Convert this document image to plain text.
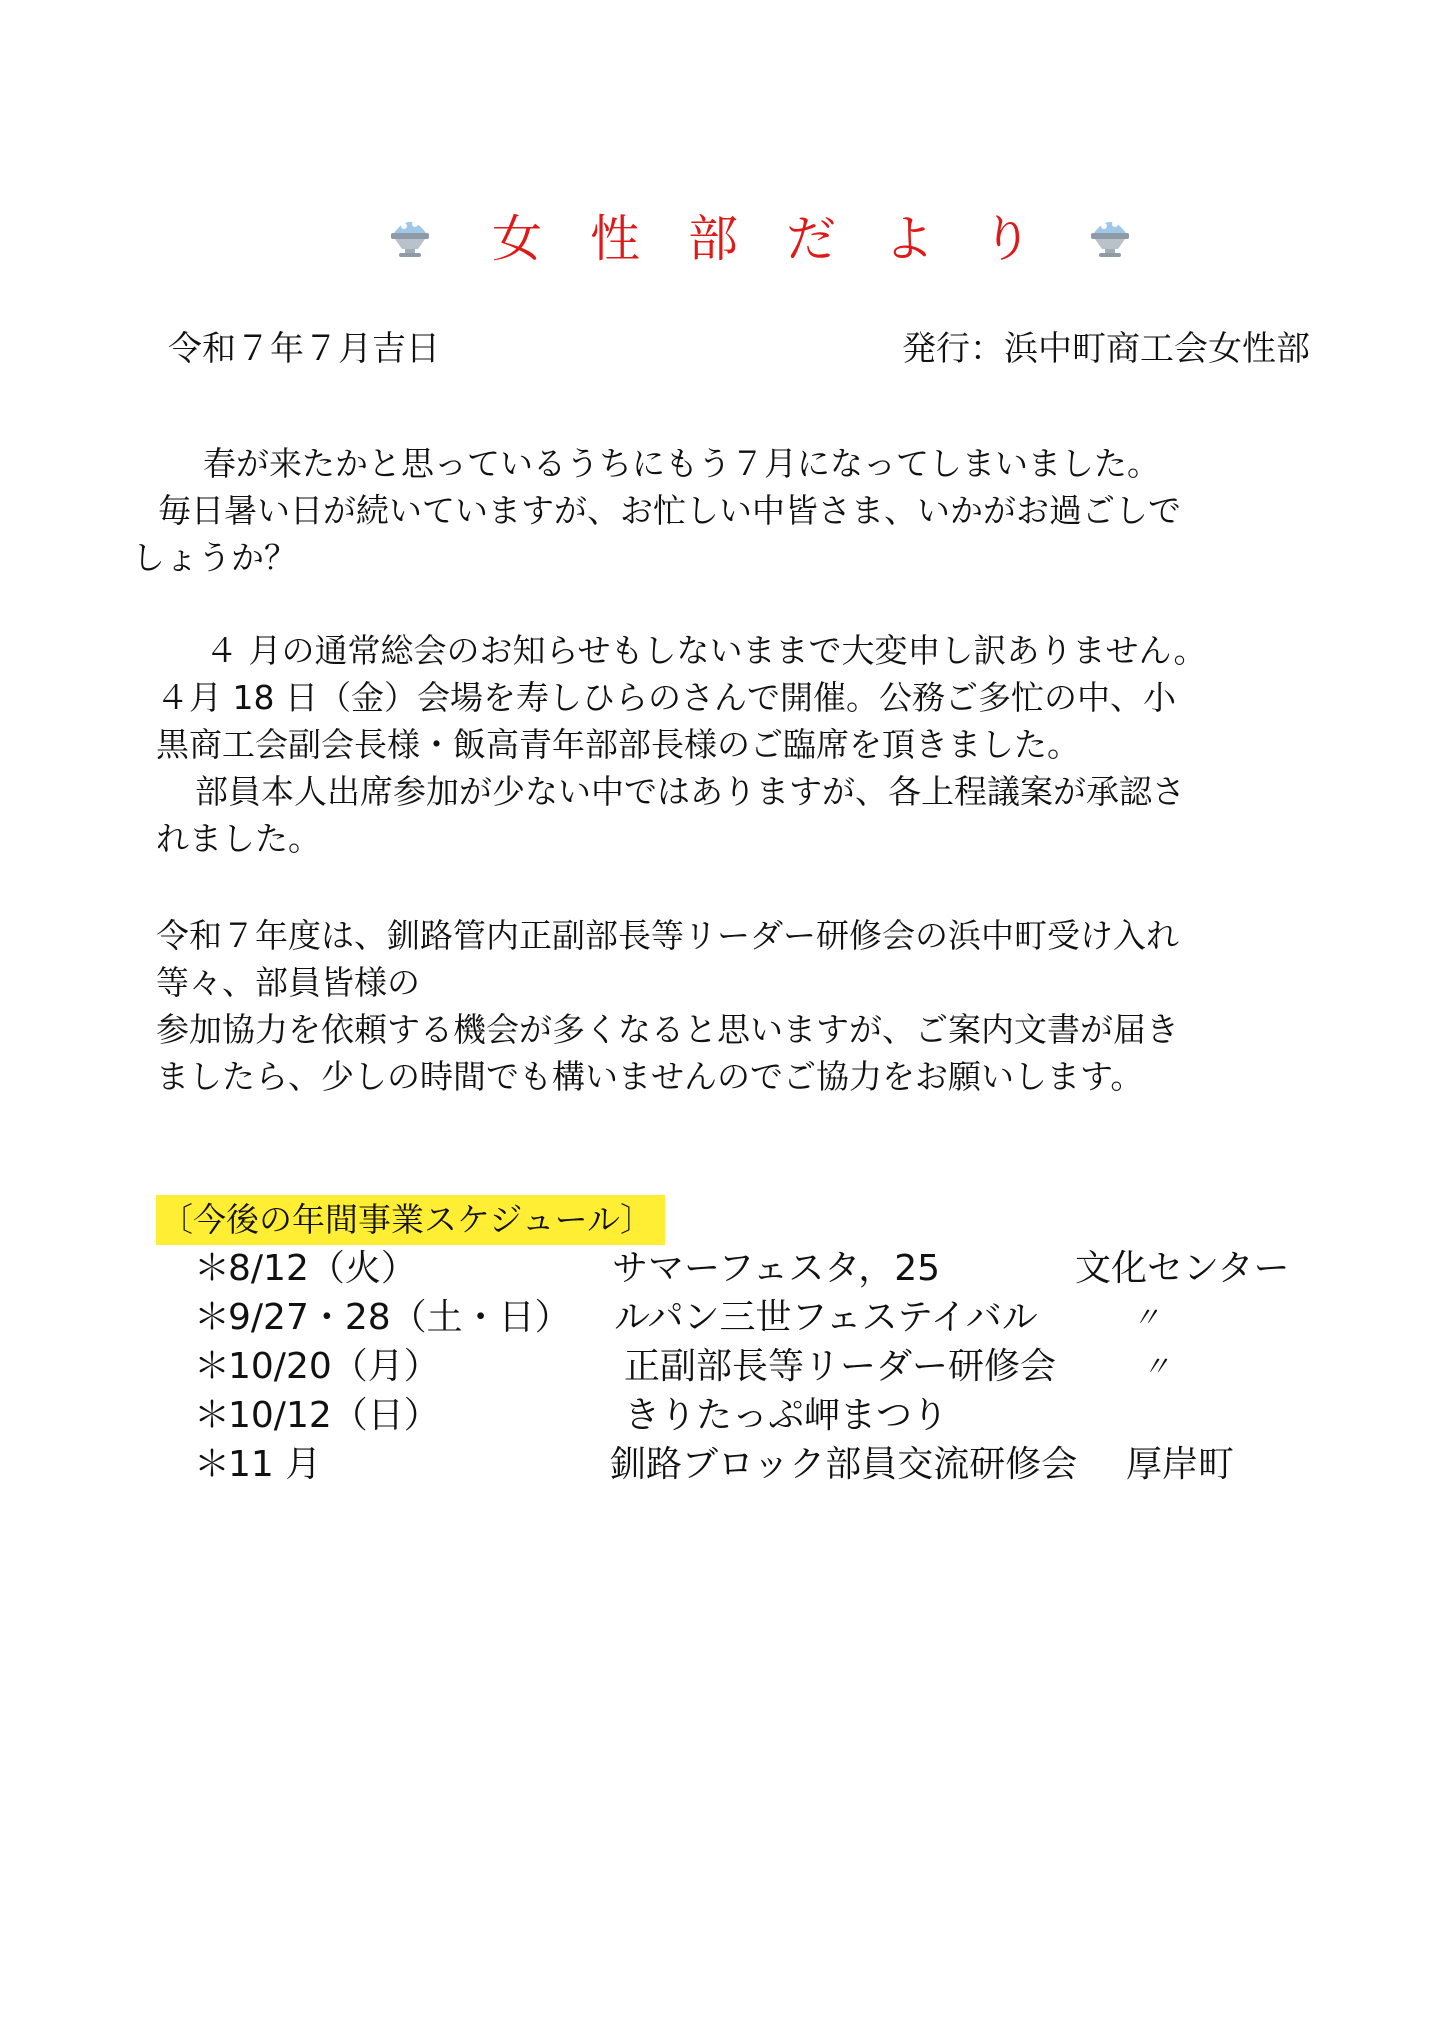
女性部だより
令和７年７月吉日	発行：浜中町商工会女性部
　春が来たかと思っているうちにもう７月になってしまいました。
毎日暑い日が続いていますが、お忙しい中皆さま、いかがお過ごしで
しょうか？
　４ 月の通常総会のお知らせもしないままで大変申し訳ありません。
４月 18 日（金）会場を寿しひらのさんで開催。公務ご多忙の中、小
黒商工会副会長様・飯高青年部部長様のご臨席を頂きました。
　部員本人出席参加が少ない中ではありますが、各上程議案が承認さ
れました。
令和７年度は、釧路管内正副部長等リーダー研修会の浜中町受け入れ
等々、部員皆様の
参加協力を依頼する機会が多くなると思いますが、ご案内文書が届き
ましたら、少しの時間でも構いませんのでご協力をお願いします。
〔今後の年間事業スケジュール〕
＊
8/12（火）	サマーフェスタ，25	文化センター
＊
9/27・28（土・日） ルパン三世フェステイバル	〃
＊
10/20（月）	正副部長等リーダー研修会	〃
＊
10/12（日）	きりたっぷ岬まつり
＊
11 月	釧路ブロック部員交流研修会 厚岸町
